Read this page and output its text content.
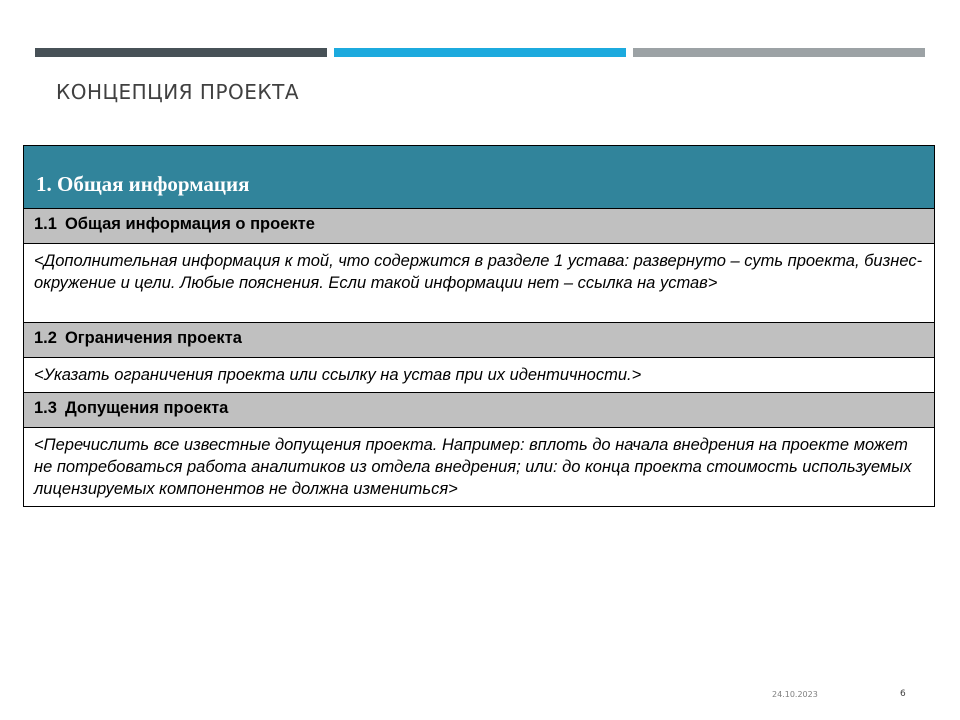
КОНЦЕПЦИЯ ПРОЕКТА
1. Общая информация
1.1 Общая информация о проекте
<Дополнительная информация к той, что содержится в разделе 1 устава: развернуто – суть проекта, бизнес-окружение и цели. Любые пояснения. Если такой информации нет – ссылка на устав>
1.2 Ограничения проекта
<Указать ограничения проекта или ссылку на устав при их идентичности.>
1.3 Допущения проекта
<Перечислить все известные допущения проекта. Например: вплоть до начала внедрения на проекте может не потребоваться работа аналитиков из отдела внедрения; или: до конца проекта стоимость используемых лицензируемых компонентов не должна измениться>
24.10.2023	6
